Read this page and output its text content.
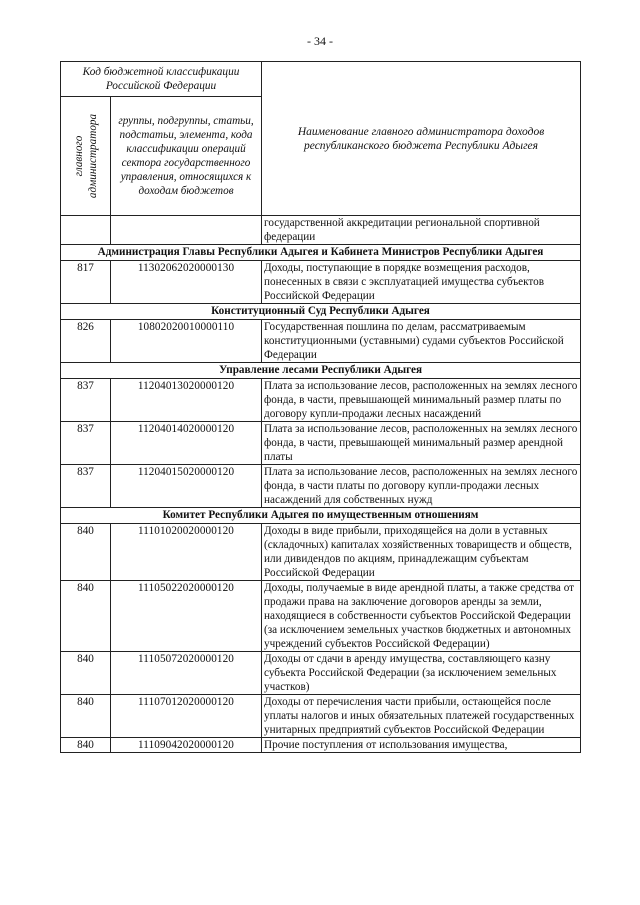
- 34 -
Код бюджетной классификации Российской Федерации		Наименование главного администратора доходов республиканского бюджета Республики Адыгея

главного администратора	группы, подгруппы, статьи, подстатьи, элемента, кода классификации операций сектора государственного управления, относящихся к доходам бюджетов	
		государственной аккредитации региональной спортивной федерации
Администрация Главы Республики Адыгея и Кабинета Министров Республики Адыгея		
817	11302062020000130	Доходы, поступающие в порядке возмещения расходов, понесенных в связи с эксплуатацией имущества субъектов Российской Федерации
Конституционный Суд Республики Адыгея		
826	10802020010000110	Государственная пошлина по делам, рассматриваемым конституционными (уставными) судами субъектов Российской Федерации
Управление лесами Республики Адыгея		
837	11204013020000120	Плата за использование лесов, расположенных на землях лесного фонда, в части, превышающей минимальный размер платы по договору купли-продажи лесных насаждений
837	11204014020000120	Плата за использование лесов, расположенных на землях лесного фонда, в части, превышающей минимальный размер арендной платы
837	11204015020000120	Плата за использование лесов, расположенных на землях лесного фонда, в части платы по договору купли-продажи лесных насаждений для собственных нужд
Комитет Республики Адыгея по имущественным отношениям		
840	11101020020000120	Доходы в виде прибыли, приходящейся на доли в уставных (складочных) капиталах хозяйственных товариществ и обществ, или дивидендов по акциям, принадлежащим субъектам Российской Федерации
840	11105022020000120	Доходы, получаемые в виде арендной платы, а также средства от продажи права на заключение договоров аренды за земли, находящиеся в собственности субъектов Российской Федерации (за исключением земельных участков бюджетных и автономных учреждений субъектов Российской Федерации)
840	11105072020000120	Доходы от сдачи в аренду имущества, составляющего казну субъекта Российской Федерации (за исключением земельных участков)
840	11107012020000120	Доходы от перечисления части прибыли, остающейся после уплаты налогов и иных обязательных платежей государственных унитарных предприятий субъектов Российской Федерации
840	11109042020000120	Прочие поступления от использования имущества,
